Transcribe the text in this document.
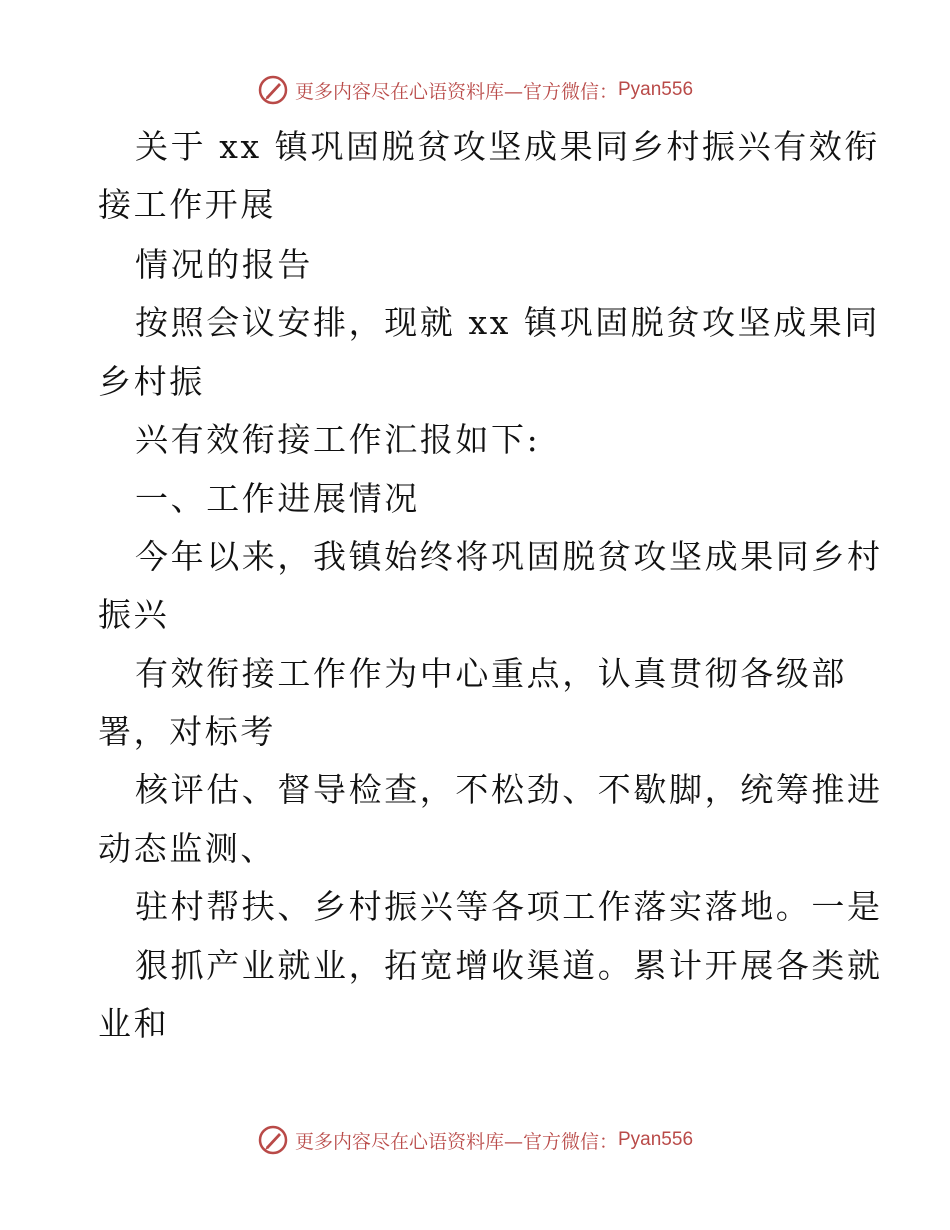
更多内容尽在心语资料库—官方微信： Pyan556
关于 xx 镇巩固脱贫攻坚成果同乡村振兴有效衔
接工作开展
情况的报告
按照会议安排，现就 xx 镇巩固脱贫攻坚成果同
乡村振
兴有效衔接工作汇报如下:
一、工作进展情况
今年以来，我镇始终将巩固脱贫攻坚成果同乡村
振兴
有效衔接工作作为中心重点，认真贯彻各级部
署，对标考
核评估、督导检查，不松劲、不歇脚，统筹推进
动态监测、
驻村帮扶、乡村振兴等各项工作落实落地。一是
狠抓产业就业，拓宽增收渠道。累计开展各类就
业和
更多内容尽在心语资料库—官方微信： Pyan556
